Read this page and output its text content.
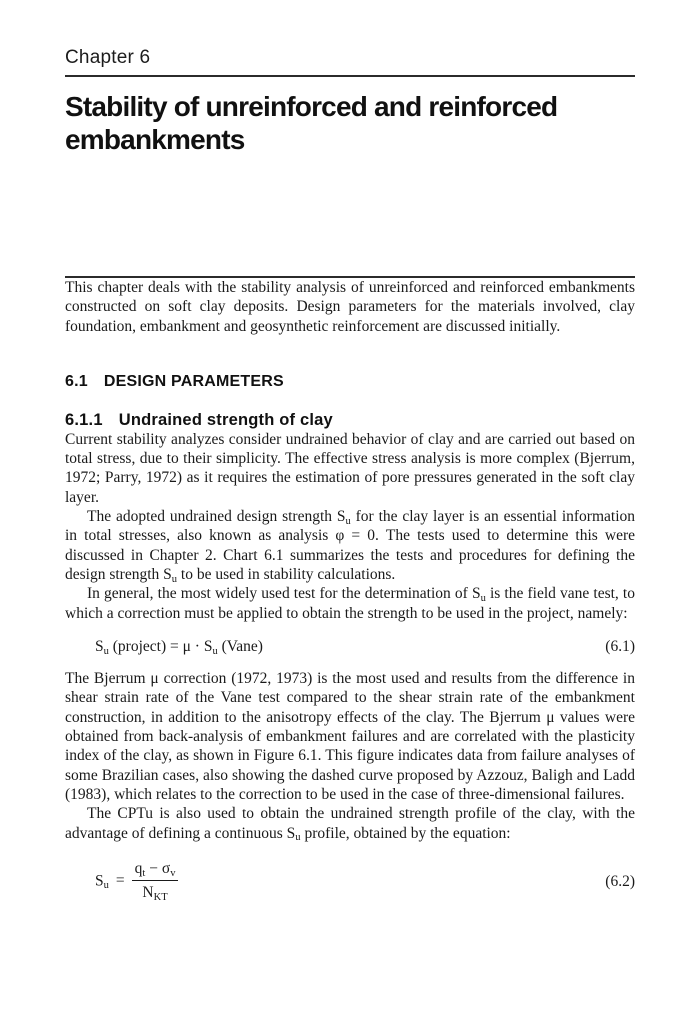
Chapter 6
Stability of unreinforced and reinforced
embankments

This chapter deals with the stability analysis of unreinforced and reinforced embankments constructed on soft clay deposits. Design parameters for the materials involved, clay foundation, embankment and geosynthetic reinforcement are discussed initially.

6.1 DESIGN PARAMETERS
6.1.1 Undrained strength of clay

Current stability analyzes consider undrained behavior of clay and are carried out based on total stress, due to their simplicity. The effective stress analysis is more complex (Bjerrum, 1972; Parry, 1972) as it requires the estimation of pore pressures generated in the soft clay layer.

The adopted undrained design strength $S_u$ for the clay layer is an essential information in total stresses, also known as analysis φ = 0. The tests used to determine this were discussed in Chapter 2. Chart 6.1 summarizes the tests and procedures for defining the design strength $S_u$ to be used in stability calculations.

In general, the most widely used test for the determination of $S_u$ is the field vane test, to which a correction must be applied to obtain the strength to be used in the project, namely:

$S_u$ (project) = $\mu \cdot S_u$ (Vane)	(6.1)

The Bjerrum μ correction (1972, 1973) is the most used and results from the difference in shear strain rate of the Vane test compared to the shear strain rate of the embankment construction, in addition to the anisotropy effects of the clay. The Bjerrum μ values were obtained from back-analysis of embankment failures and are correlated with the plasticity index of the clay, as shown in Figure 6.1. This figure indicates data from failure analyses of some Brazilian cases, also showing the dashed curve proposed by Azzouz, Baligh and Ladd (1983), which relates to the correction to be used in the case of three-dimensional failures.

The CPTu is also used to obtain the undrained strength profile of the clay, with the advantage of defining a continuous $S_u$ profile, obtained by the equation:

$S_u = \frac{q_t - \sigma_v}{N_{KT}}$	(6.2)
